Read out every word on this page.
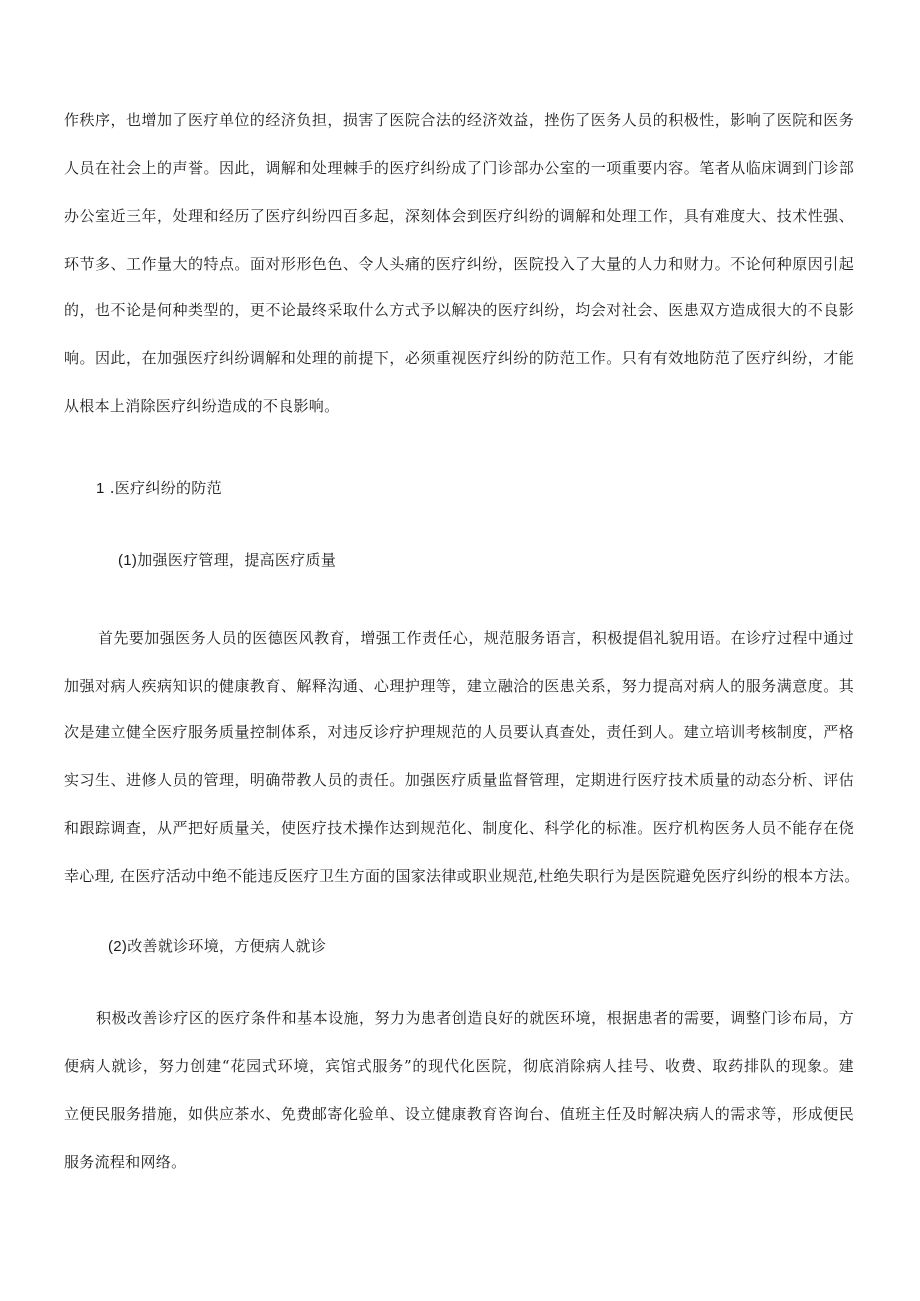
作秩序，也增加了医疗单位的经济负担，损害了医院合法的经济效益，挫伤了医务人员的积极性，影响了医院和医务
人员在社会上的声誉。因此，调解和处理棘手的医疗纠纷成了门诊部办公室的一项重要内容。笔者从临床调到门诊部
办公室近三年，处理和经历了医疗纠纷四百多起，深刻体会到医疗纠纷的调解和处理工作，具有难度大、技术性强、
环节多、工作量大的特点。面对形形色色、令人头痛的医疗纠纷，医院投入了大量的人力和财力。不论何种原因引起
的，也不论是何种类型的，更不论最终采取什么方式予以解决的医疗纠纷，均会对社会、医患双方造成很大的不良影
响。因此，在加强医疗纠纷调解和处理的前提下，必须重视医疗纠纷的防范工作。只有有效地防范了医疗纠纷，才能
从根本上消除医疗纠纷造成的不良影响。
1 .医疗纠纷的防范
(1)加强医疗管理，提高医疗质量
首先要加强医务人员的医德医风教育，增强工作责任心，规范服务语言，积极提倡礼貌用语。在诊疗过程中通过
加强对病人疾病知识的健康教育、解释沟通、心理护理等，建立融洽的医患关系，努力提高对病人的服务满意度。其
次是建立健全医疗服务质量控制体系，对违反诊疗护理规范的人员要认真查处，责任到人。建立培训考核制度，严格
实习生、进修人员的管理，明确带教人员的责任。加强医疗质量监督管理，定期进行医疗技术质量的动态分析、评估
和跟踪调查，从严把好质量关，使医疗技术操作达到规范化、制度化、科学化的标准。医疗机构医务人员不能存在侥
幸心理, 在医疗活动中绝不能违反医疗卫生方面的国家法律或职业规范,杜绝失职行为是医院避免医疗纠纷的根本方法。
(2)改善就诊环境，方便病人就诊
积极改善诊疗区的医疗条件和基本设施，努力为患者创造良好的就医环境，根据患者的需要，调整门诊布局，方
便病人就诊，努力创建“花园式环境，宾馆式服务”的现代化医院，彻底消除病人挂号、收费、取药排队的现象。建
立便民服务措施，如供应茶水、免费邮寄化验单、设立健康教育咨询台、值班主任及时解决病人的需求等，形成便民
服务流程和网络。
